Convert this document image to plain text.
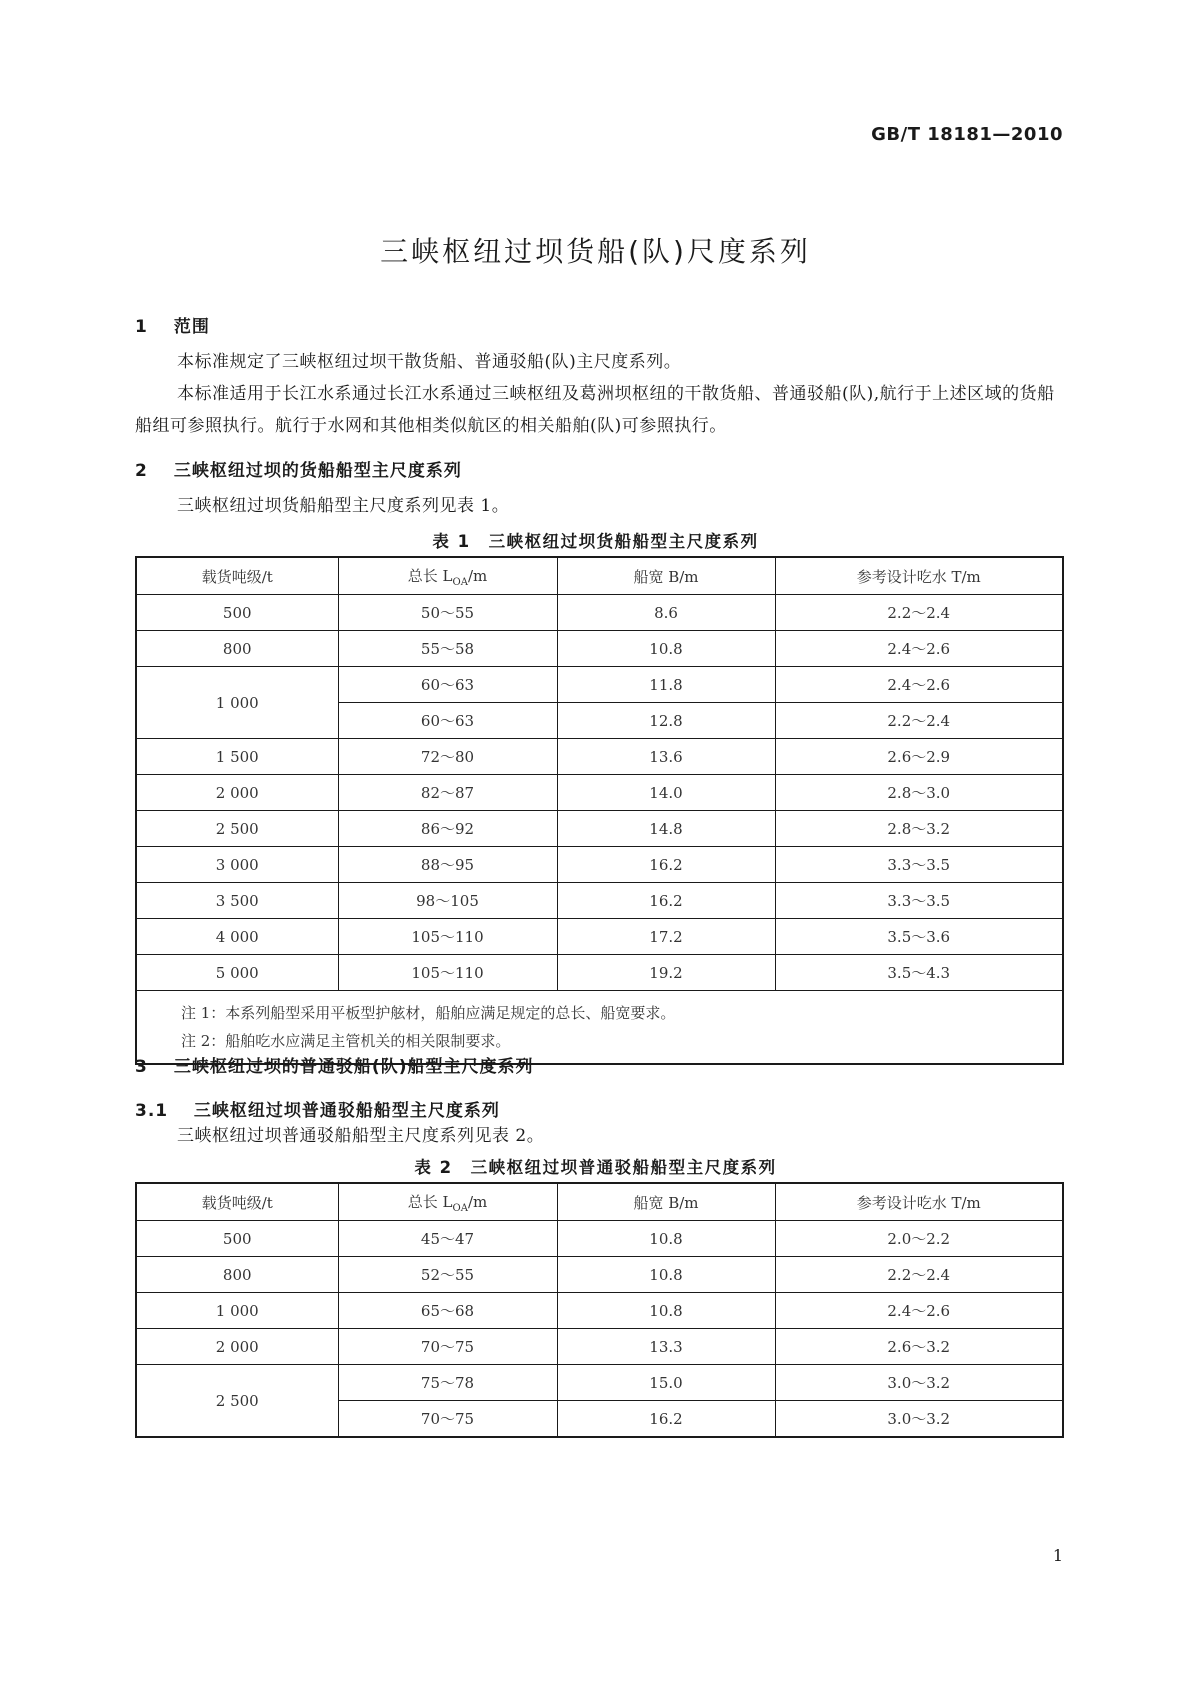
GB/T 18181—2010
三峡枢纽过坝货船(队)尺度系列
1 范围
本标准规定了三峡枢纽过坝干散货船、普通驳船(队)主尺度系列。
本标准适用于长江水系通过长江水系通过三峡枢纽及葛洲坝枢纽的干散货船、普通驳船(队),航行于上述区域的货船船组可参照执行。航行于水网和其他相类似航区的相关船舶(队)可参照执行。
2 三峡枢纽过坝的货船船型主尺度系列
三峡枢纽过坝货船船型主尺度系列见表 1。
表 1　三峡枢纽过坝货船船型主尺度系列
载货吨级/t	总长 $L_{OA}/m$	船宽 B/m	参考设计吃水 T/m
500	50～55	8.6	2.2～2.4
800	55～58	10.8	2.4～2.6
1 000	60～63	11.8	2.4～2.6
	60～63	12.8	2.2～2.4
1 500	72～80	13.6	2.6～2.9
2 000	82～87	14.0	2.8～3.0
2 500	86～92	14.8	2.8～3.2
3 000	88～95	16.2	3.3～3.5
3 500	98～105	16.2	3.3～3.5
4 000	105～110	17.2	3.5～3.6
5 000	105～110	19.2	3.5～4.3

注 1：本系列船型采用平板型护舷材，船舶应满足规定的总长、船宽要求。
注 2：船舶吃水应满足主管机关的相关限制要求。			
3 三峡枢纽过坝的普通驳船(队)船型主尺度系列
3.1 三峡枢纽过坝普通驳船船型主尺度系列
三峡枢纽过坝普通驳船船型主尺度系列见表 2。
表 2　三峡枢纽过坝普通驳船船型主尺度系列
载货吨级/t	总长 $L_{OA}/m$	船宽 B/m	参考设计吃水 T/m
500	45～47	10.8	2.0～2.2
800	52～55	10.8	2.2～2.4
1 000	65～68	10.8	2.4～2.6
2 000	70～75	13.3	2.6～3.2
2 500	75～78	15.0	3.0～3.2
	70～75	16.2	3.0～3.2
1
